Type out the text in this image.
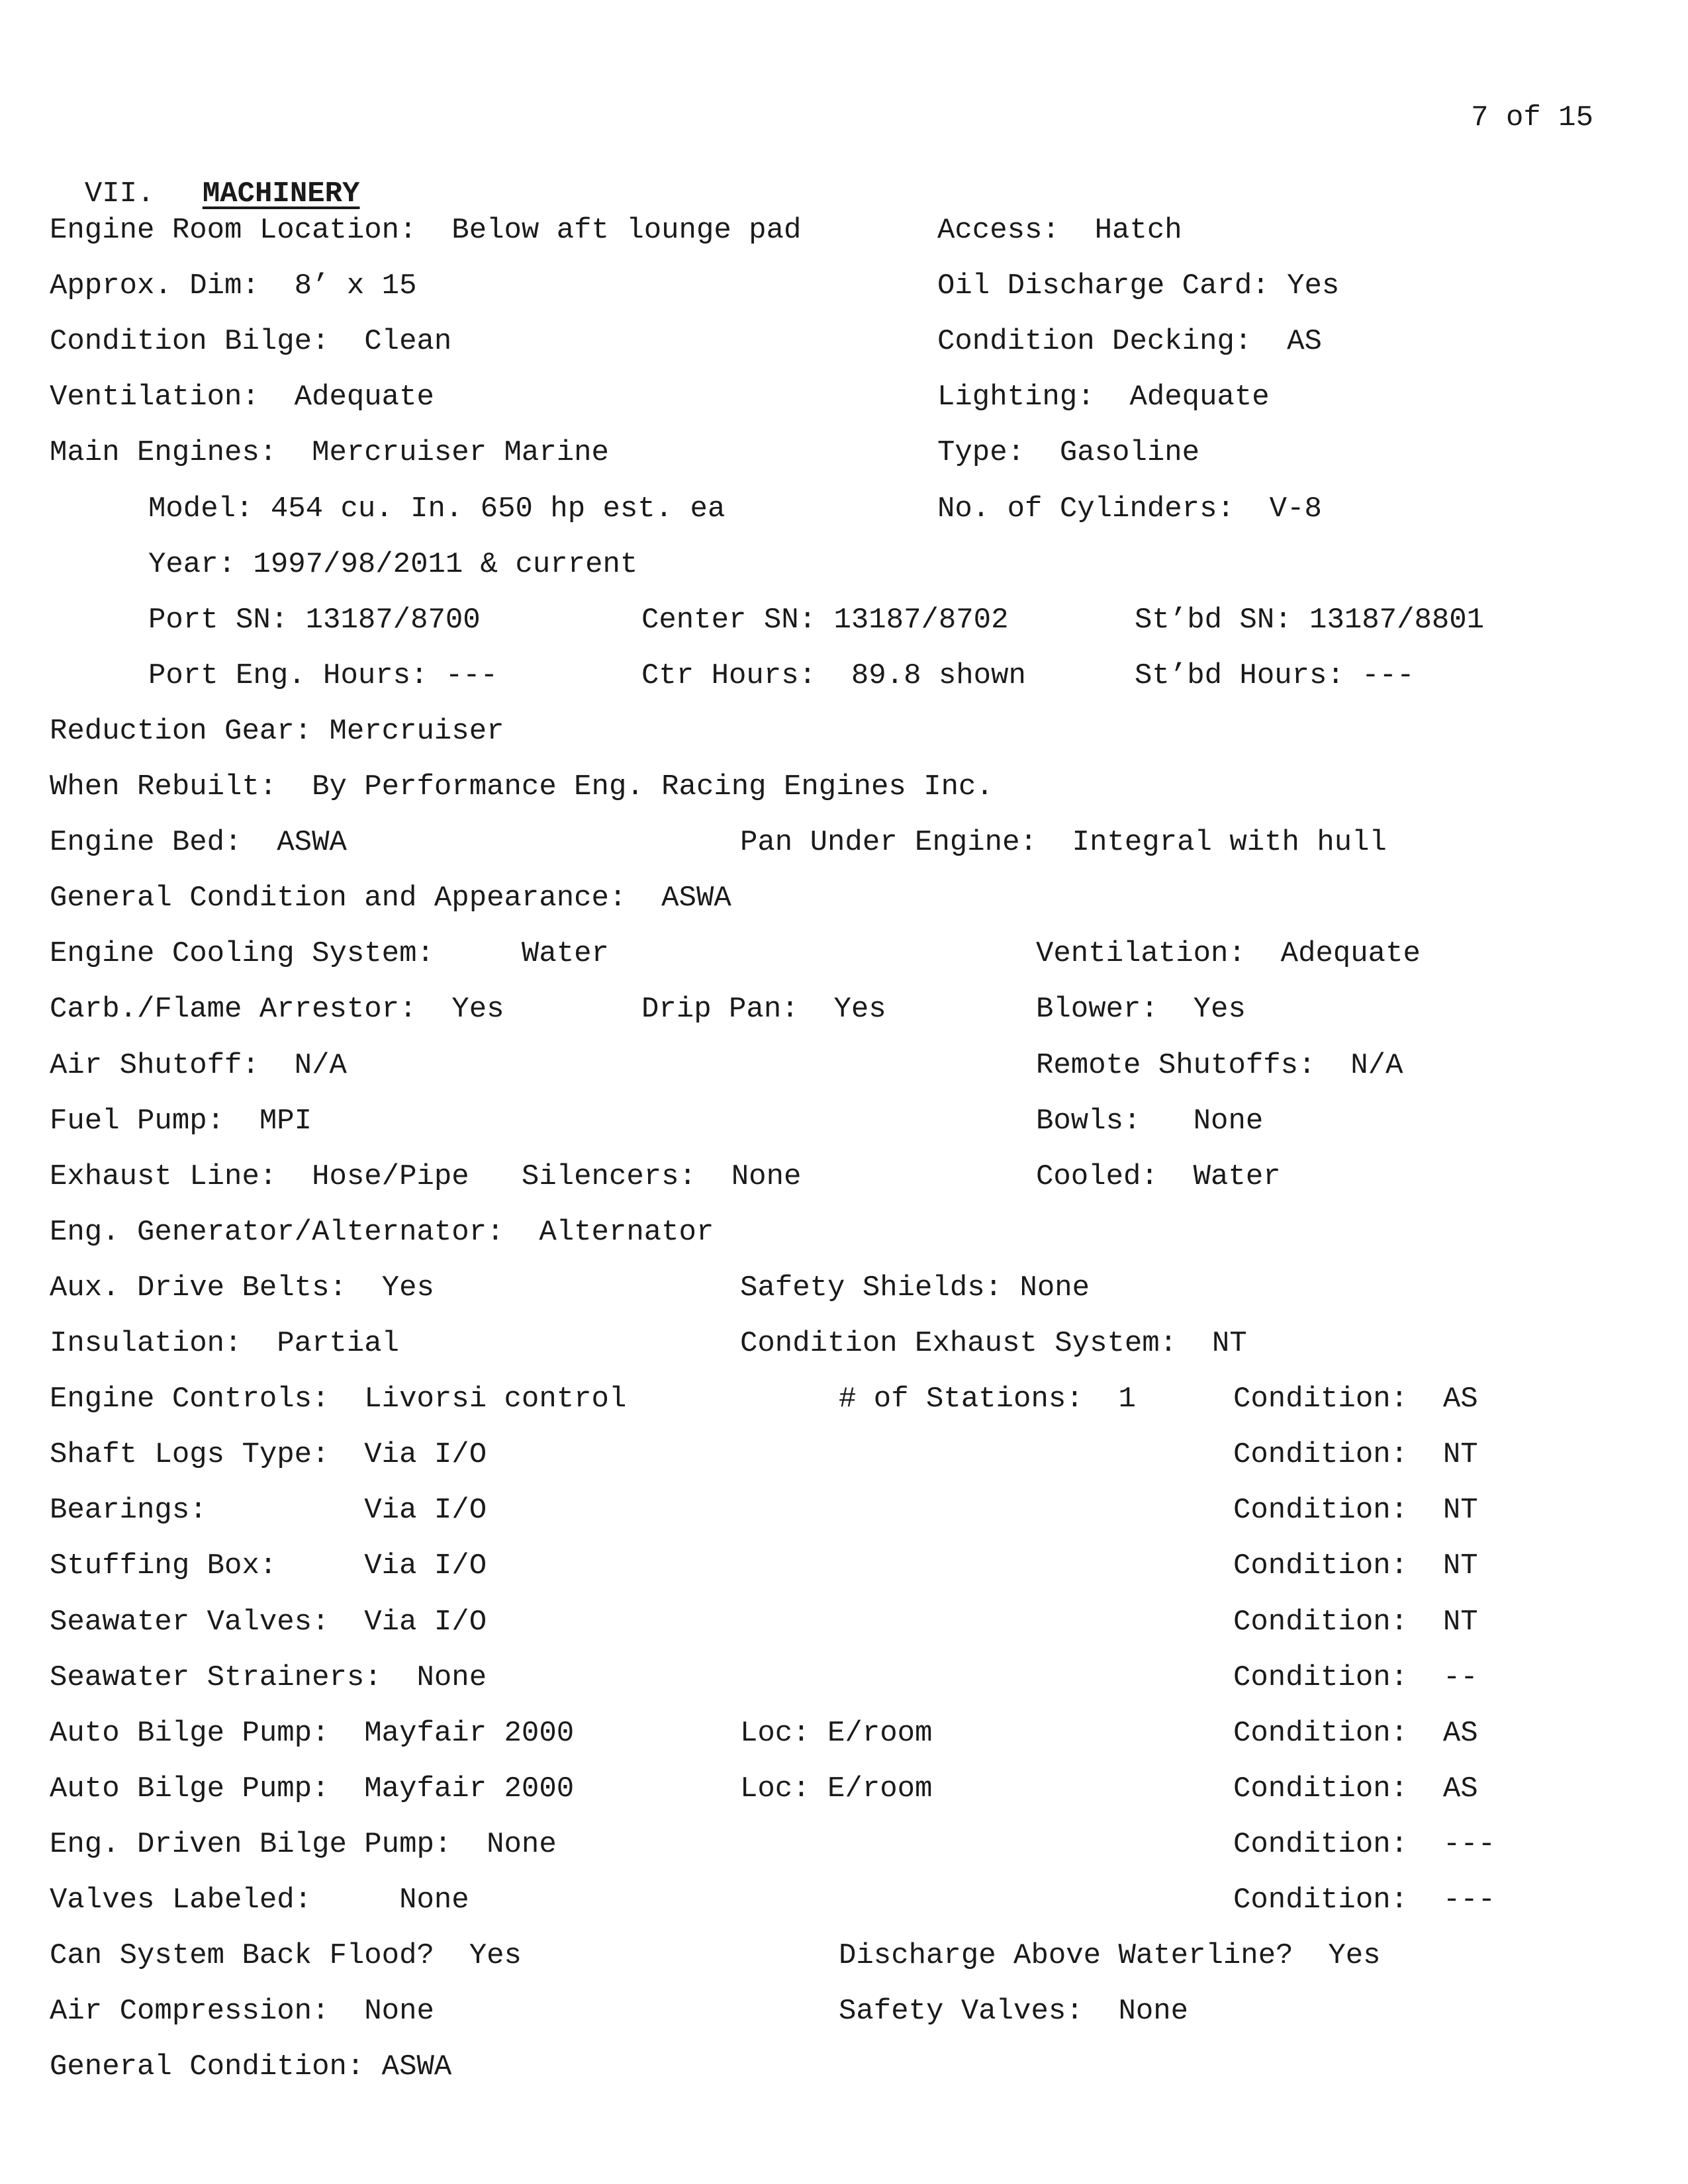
7 of 15

VII. MACHINERY

Engine Room Location:  Below aft lounge pad	Access:  Hatch
Approx. Dim:  8’ x 15	Oil Discharge Card: Yes
Condition Bilge:  Clean	Condition Decking:  AS
Ventilation:  Adequate	Lighting:  Adequate
Main Engines:  Mercruiser Marine	Type:  Gasoline
Model: 454 cu. In. 650 hp est. ea	No. of Cylinders:  V-8
Year: 1997/98/2011 & current
Port SN: 13187/8700	Center SN: 13187/8702	St’bd SN: 13187/8801
Port Eng. Hours: ---	Ctr Hours:  89.8 shown	St’bd Hours: ---
Reduction Gear: Mercruiser
When Rebuilt:  By Performance Eng. Racing Engines Inc.
Engine Bed:  ASWA	Pan Under Engine:  Integral with hull
General Condition and Appearance:  ASWA
Engine Cooling System:     Water	Ventilation:  Adequate
Carb./Flame Arrestor:  Yes	Drip Pan:  Yes	Blower:  Yes
Air Shutoff:  N/A	Remote Shutoffs:  N/A
Fuel Pump:  MPI	Bowls:   None
Exhaust Line:  Hose/Pipe   Silencers:  None	Cooled:  Water
Eng. Generator/Alternator:  Alternator
Aux. Drive Belts:  Yes	Safety Shields: None
Insulation:  Partial	Condition Exhaust System:  NT
Engine Controls:  Livorsi control	# of Stations:  1	Condition:  AS
Shaft Logs Type:  Via I/O	Condition:  NT
Bearings:         Via I/O	Condition:  NT
Stuffing Box:     Via I/O	Condition:  NT
Seawater Valves:  Via I/O	Condition:  NT
Seawater Strainers:  None	Condition:  --
Auto Bilge Pump:  Mayfair 2000	Loc: E/room	Condition:  AS
Auto Bilge Pump:  Mayfair 2000	Loc: E/room	Condition:  AS
Eng. Driven Bilge Pump:  None	Condition:  ---
Valves Labeled:     None	Condition:  ---
Can System Back Flood?  Yes	Discharge Above Waterline?  Yes
Air Compression:  None	Safety Valves:  None
General Condition: ASWA
